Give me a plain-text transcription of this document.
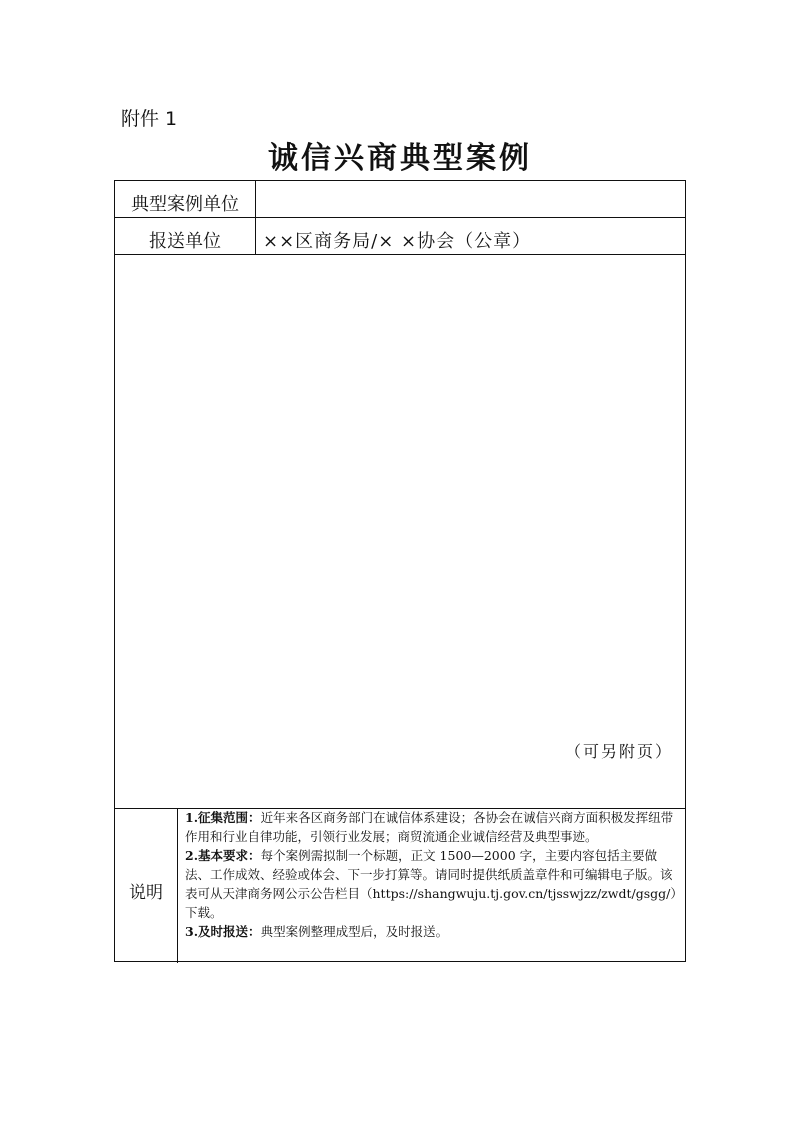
附件 1
诚信兴商典型案例
典型案例单位
报送单位	××区商务局/× ×协会（公章）
（可另附页）
说明

1.征集范围：近年来各区商务部门在诚信体系建设；各协会在诚信兴商方面积极发挥纽带作用和行业自律功能，引领行业发展；商贸流通企业诚信经营及典型事迹。

2.基本要求：每个案例需拟制一个标题，正文 1500—2000 字，主要内容包括主要做法、工作成效、经验或体会、下一步打算等。请同时提供纸质盖章件和可编辑电子版。该表可从天津商务网公示公告栏目（https://shangwuju.tj.gov.cn/tjsswjzz/zwdt/gsgg/）下载。

3.及时报送：典型案例整理成型后，及时报送。
